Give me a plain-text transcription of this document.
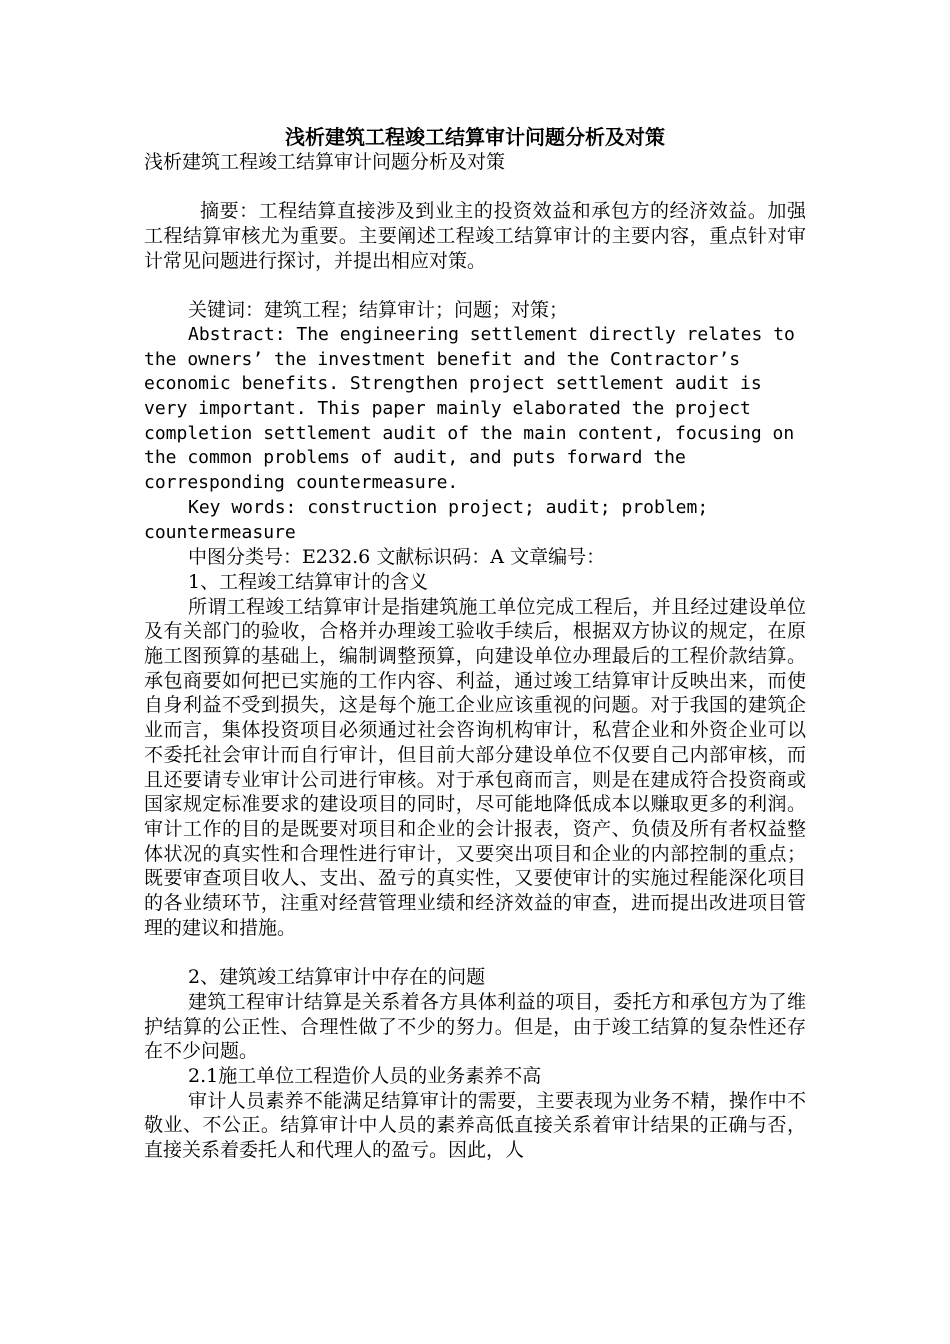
浅析建筑工程竣工结算审计问题分析及对策

浅析建筑工程竣工结算审计问题分析及对策

摘要：工程结算直接涉及到业主的投资效益和承包方的经济效益。加强工程结算审核尤为重要。主要阐述工程竣工结算审计的主要内容，重点针对审计常见问题进行探讨，并提出相应对策。

关键词：建筑工程；结算审计；问题；对策；

Abstract: The engineering settlement directly relates to the owners’ the investment benefit and the Contractor’s economic benefits. Strengthen project settlement audit is very important. This paper mainly elaborated the project completion settlement audit of the main content, focusing on the common problems of audit, and puts forward the corresponding countermeasure.

Key words: construction project; audit; problem; countermeasure

中图分类号：E232.6 文献标识码：A 文章编号：

1、工程竣工结算审计的含义

所谓工程竣工结算审计是指建筑施工单位完成工程后，并且经过建设单位及有关部门的验收，合格并办理竣工验收手续后，根据双方协议的规定，在原施工图预算的基础上，编制调整预算，向建设单位办理最后的工程价款结算。承包商要如何把已实施的工作内容、利益，通过竣工结算审计反映出来，而使自身利益不受到损失，这是每个施工企业应该重视的问题。对于我国的建筑企业而言，集体投资项目必须通过社会咨询机构审计，私营企业和外资企业可以不委托社会审计而自行审计，但目前大部分建设单位不仅要自己内部审核，而且还要请专业审计公司进行审核。对于承包商而言，则是在建成符合投资商或国家规定标准要求的建设项目的同时，尽可能地降低成本以赚取更多的利润。审计工作的目的是既要对项目和企业的会计报表，资产、负债及所有者权益整体状况的真实性和合理性进行审计，又要突出项目和企业的内部控制的重点；既要审查项目收人、支出、盈亏的真实性，又要使审计的实施过程能深化项目的各业绩环节，注重对经营管理业绩和经济效益的审查，进而提出改进项目管理的建议和措施。

2、建筑竣工结算审计中存在的问题

建筑工程审计结算是关系着各方具体利益的项目，委托方和承包方为了维护结算的公正性、合理性做了不少的努力。但是，由于竣工结算的复杂性还存在不少问题。

2.1施工单位工程造价人员的业务素养不高

审计人员素养不能满足结算审计的需要，主要表现为业务不精，操作中不敬业、不公正。结算审计中人员的素养高低直接关系着审计结果的正确与否，直接关系着委托人和代理人的盈亏。因此，人
